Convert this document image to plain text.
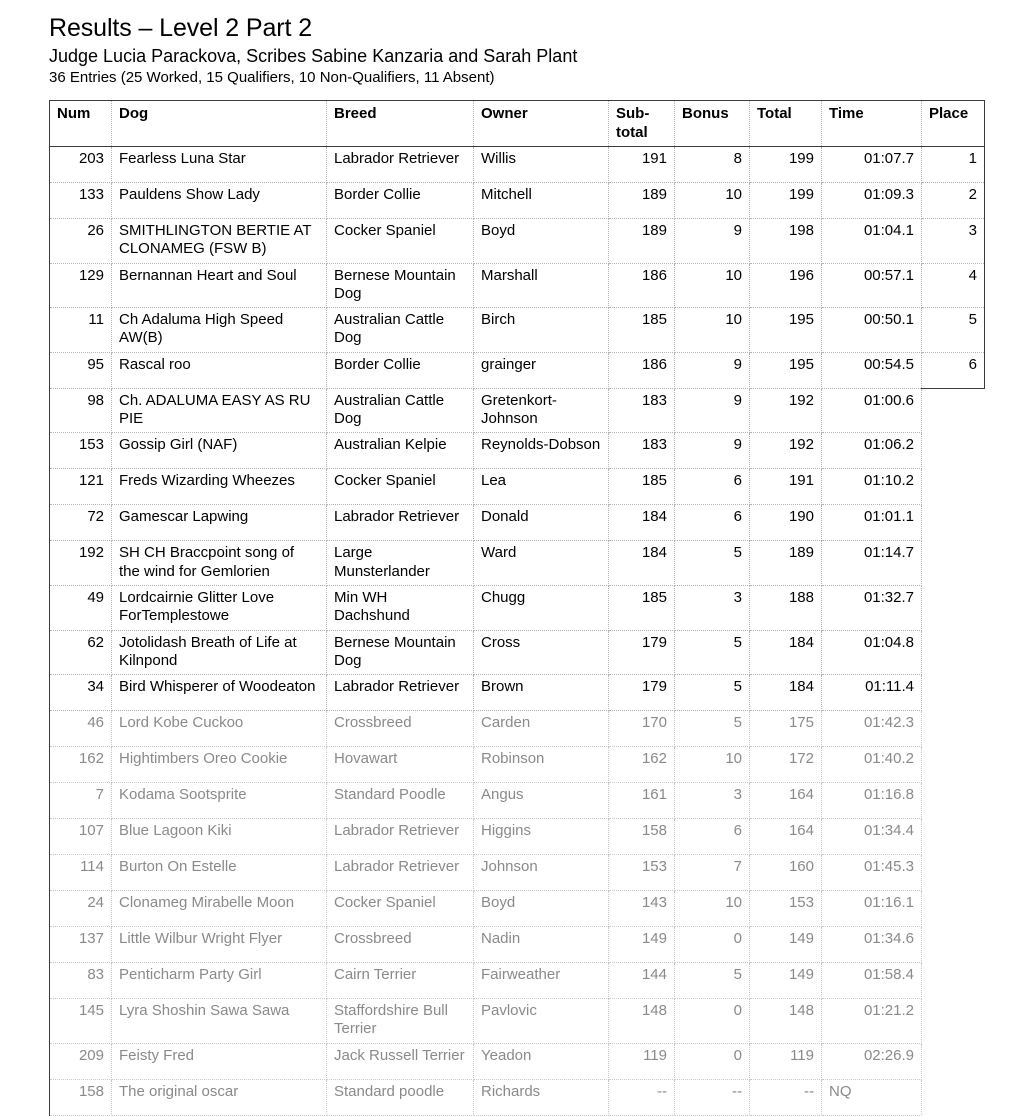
Results – Level 2 Part 2
Judge Lucia Parackova, Scribes Sabine Kanzaria and Sarah Plant
36 Entries (25 Worked, 15 Qualifiers, 10 Non-Qualifiers, 11 Absent)
Num	Dog	Breed	Owner	Sub-total	Bonus	Total	Time	Place
203	Fearless Luna Star	Labrador Retriever	Willis	191	8	199	01:07.7	1
133	Pauldens Show Lady	Border Collie	Mitchell	189	10	199	01:09.3	2
26	SMITHLINGTON BERTIE AT CLONAMEG (FSW B)	Cocker Spaniel	Boyd	189	9	198	01:04.1	3
129	Bernannan Heart and Soul	Bernese Mountain Dog	Marshall	186	10	196	00:57.1	4
11	Ch Adaluma High Speed AW(B)	Australian Cattle Dog	Birch	185	10	195	00:50.1	5
95	Rascal roo	Border Collie	grainger	186	9	195	00:54.5	6
98	Ch. ADALUMA EASY AS RU PIE	Australian Cattle Dog	Gretenkort-Johnson	183	9	192	01:00.6	
153	Gossip Girl (NAF)	Australian Kelpie	Reynolds-Dobson	183	9	192	01:06.2	
121	Freds Wizarding Wheezes	Cocker Spaniel	Lea	185	6	191	01:10.2	
72	Gamescar Lapwing	Labrador Retriever	Donald	184	6	190	01:01.1	
192	SH CH Braccpoint song of the wind for Gemlorien	Large Munsterlander	Ward	184	5	189	01:14.7	
49	Lordcairnie Glitter Love ForTemplestowe	Min WH Dachshund	Chugg	185	3	188	01:32.7	
62	Jotolidash Breath of Life at Kilnpond	Bernese Mountain Dog	Cross	179	5	184	01:04.8	
34	Bird Whisperer of Woodeaton	Labrador Retriever	Brown	179	5	184	01:11.4	
46	Lord Kobe Cuckoo	Crossbreed	Carden	170	5	175	01:42.3	
162	Hightimbers Oreo Cookie	Hovawart	Robinson	162	10	172	01:40.2	
7	Kodama Sootsprite	Standard Poodle	Angus	161	3	164	01:16.8	
107	Blue Lagoon Kiki	Labrador Retriever	Higgins	158	6	164	01:34.4	
114	Burton On Estelle	Labrador Retriever	Johnson	153	7	160	01:45.3	
24	Clonameg Mirabelle Moon	Cocker Spaniel	Boyd	143	10	153	01:16.1	
137	Little Wilbur Wright Flyer	Crossbreed	Nadin	149	0	149	01:34.6	
83	Penticharm Party Girl	Cairn Terrier	Fairweather	144	5	149	01:58.4	
145	Lyra Shoshin Sawa Sawa	Staffordshire Bull Terrier	Pavlovic	148	0	148	01:21.2	
209	Feisty Fred	Jack Russell Terrier	Yeadon	119	0	119	02:26.9	
158	The original oscar	Standard poodle	Richards	--	--	--	NQ	
